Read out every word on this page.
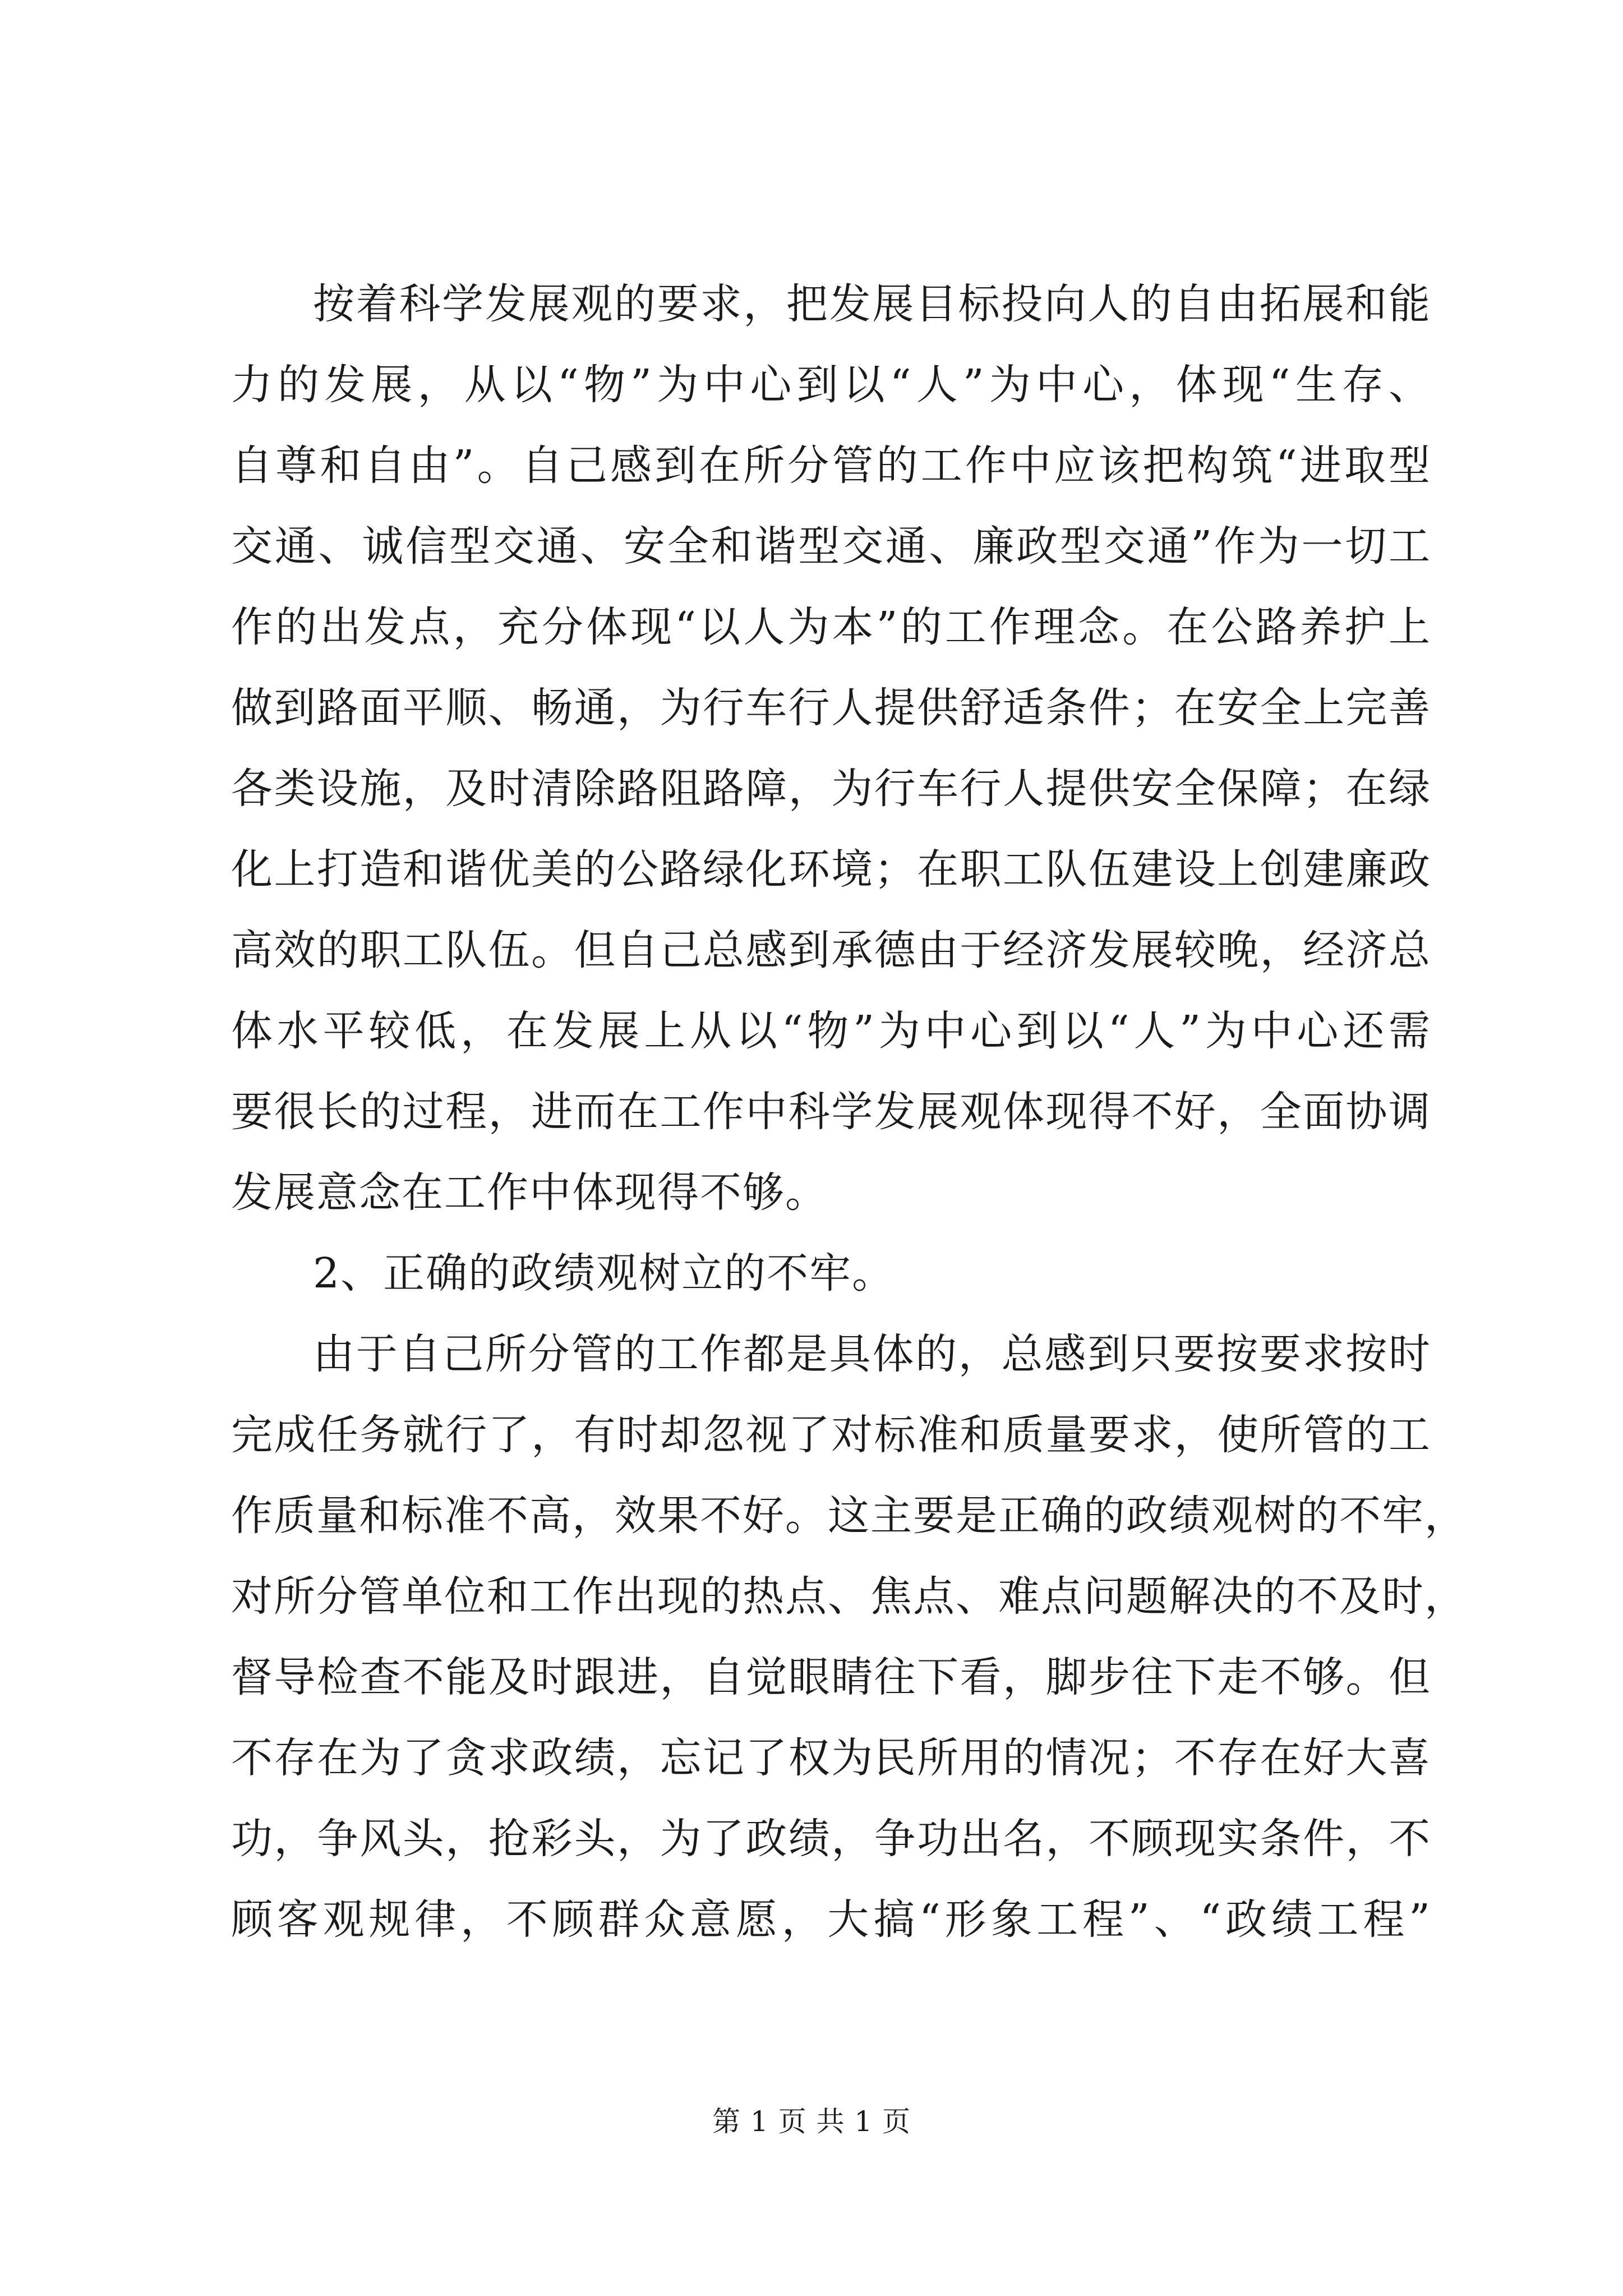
按着科学发展观的要求，把发展目标投向人的自由拓展和能
力的发展，从以“物”为中心到以“人”为中心，体现“生存、
自尊和自由”。自己感到在所分管的工作中应该把构筑“进取型
交通、诚信型交通、安全和谐型交通、廉政型交通”作为一切工
作的出发点，充分体现“以人为本”的工作理念。在公路养护上
做到路面平顺、畅通，为行车行人提供舒适条件；在安全上完善
各类设施，及时清除路阻路障，为行车行人提供安全保障；在绿
化上打造和谐优美的公路绿化环境；在职工队伍建设上创建廉政
高效的职工队伍。但自己总感到承德由于经济发展较晚，经济总
体水平较低，在发展上从以“物”为中心到以“人”为中心还需
要很长的过程，进而在工作中科学发展观体现得不好，全面协调
发展意念在工作中体现得不够。
2、正确的政绩观树立的不牢。
由于自己所分管的工作都是具体的，总感到只要按要求按时
完成任务就行了，有时却忽视了对标准和质量要求，使所管的工
作质量和标准不高，效果不好。这主要是正确的政绩观树的不牢，
对所分管单位和工作出现的热点、焦点、难点问题解决的不及时，
督导检查不能及时跟进，自觉眼睛往下看，脚步往下走不够。但
不存在为了贪求政绩，忘记了权为民所用的情况；不存在好大喜
功，争风头，抢彩头，为了政绩，争功出名，不顾现实条件，不
顾客观规律，不顾群众意愿，大搞“形象工程”、“政绩工程”
第 1 页 共 1 页
